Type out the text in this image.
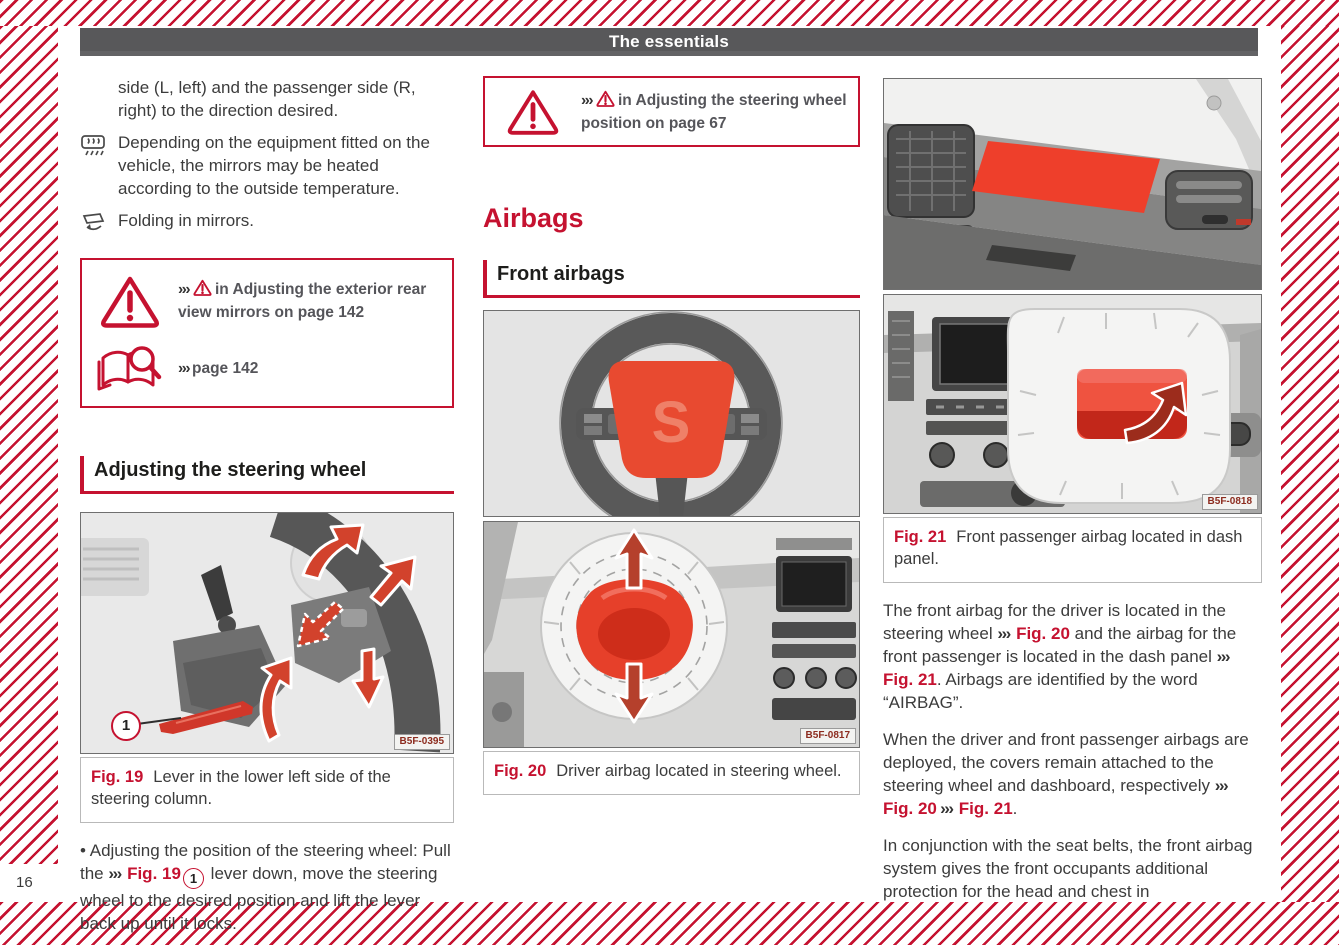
The essentials
16

side (L, left) and the passenger side (R, right) to the direction desired.

Depending on the equipment fitted on the vehicle, the mirrors may be heated according to the outside temperature.
Folding in mirrors.
››› in Adjusting the exterior rear view mirrors on page 142
››› page 142
Adjusting the steering wheel
1
B5F-0395
Fig. 19 Lever in the lower left side of the steering column.

• Adjusting the position of the steering wheel: Pull the ››› Fig. 19 1 lever down, move the steering wheel to the desired position and lift the lever back up until it locks.

››› in Adjusting the steering wheel position on page 67
Airbags
Front airbags
S
B5F-0817
Fig. 20 Driver airbag located in steering wheel.
B5F-0818
Fig. 21 Front passenger airbag located in dash panel.

The front airbag for the driver is located in the steering wheel ››› Fig. 20 and the airbag for the front passenger is located in the dash panel ››› Fig. 21. Airbags are identified by the word “AIRBAG”.

When the driver and front passenger airbags are deployed, the covers remain attached to the steering wheel and dashboard, respectively ››› Fig. 20 ››› Fig. 21.

In conjunction with the seat belts, the front airbag system gives the front occupants additional protection for the head and chest in
